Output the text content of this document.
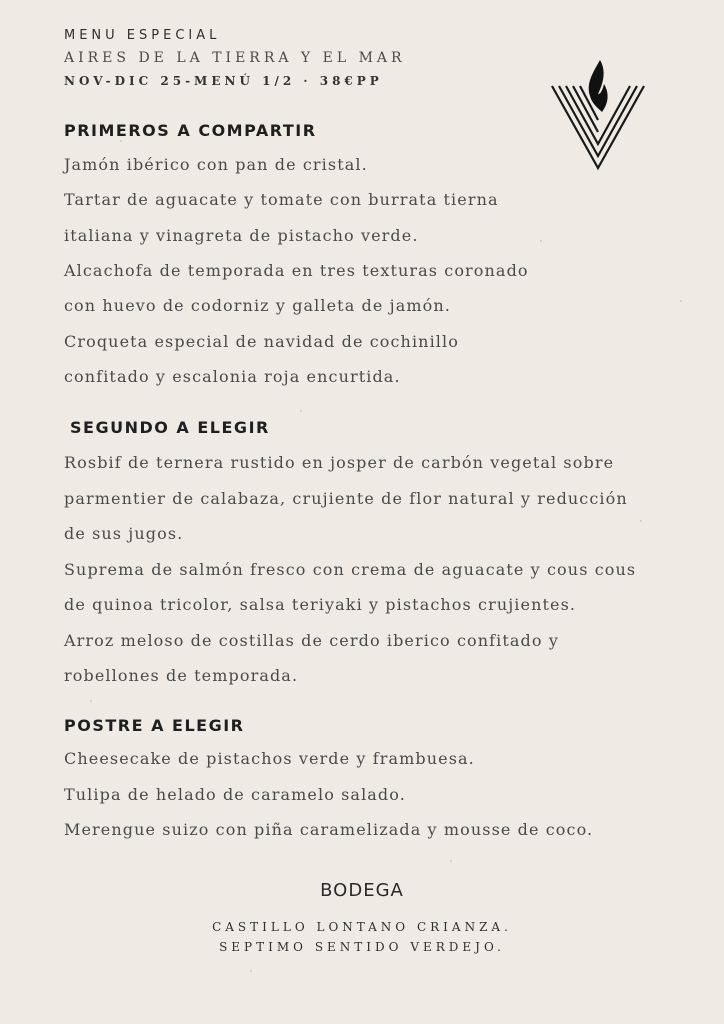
MENU ESPECIAL
AIRES DE LA TIERRA Y EL MAR
NOV-DIC 25-MENÚ 1/2 · 38€PP
PRIMEROS A COMPARTIR
Jamón ibérico con pan de cristal.
Tartar de aguacate y tomate con burrata tierna
italiana y vinagreta de pistacho verde.
Alcachofa de temporada en tres texturas coronado
con huevo de codorniz y galleta de jamón.
Croqueta especial de navidad de cochinillo
confitado y escalonia roja encurtida.
SEGUNDO A ELEGIR
Rosbif de ternera rustido en josper de carbón vegetal sobre
parmentier de calabaza, crujiente de flor natural y reducción
de sus jugos.
Suprema de salmón fresco con crema de aguacate y cous cous
de quinoa tricolor, salsa teriyaki y pistachos crujientes.
Arroz meloso de costillas de cerdo iberico confitado y
robellones de temporada.
POSTRE A ELEGIR
Cheesecake de pistachos verde y frambuesa.
Tulipa de helado de caramelo salado.
Merengue suizo con piña caramelizada y mousse de coco.
BODEGA
CASTILLO LONTANO CRIANZA.
SEPTIMO SENTIDO VERDEJO.
